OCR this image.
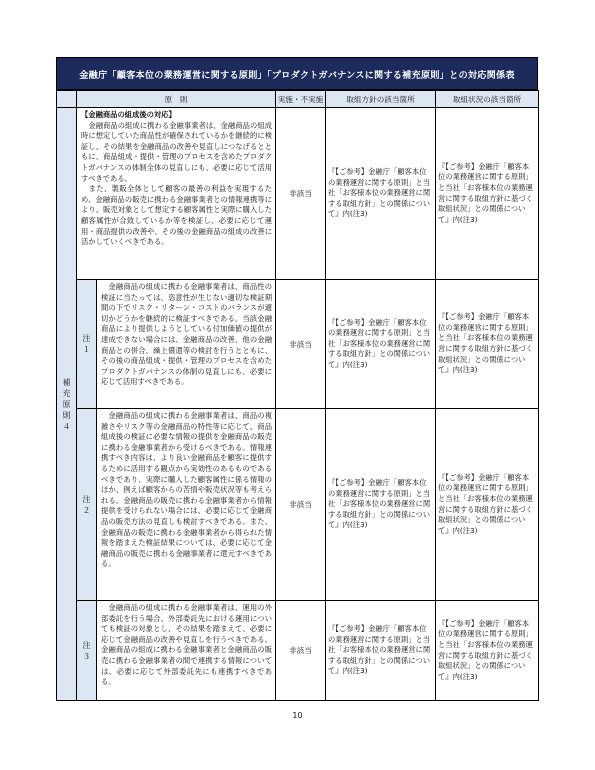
金融庁「顧客本位の業務運営に関する原則」「プロダクトガバナンスに関する補充原則」との対応関係表
	原　則		実施・不実施	取組方針の該当箇所	取組状況の該当箇所
補充原則４	【金融商品の組成後の対応】
　金融商品の組成に携わる金融事業者は、金融商品の組成時に想定していた商品性が確保されているかを継続的に検証し、その結果を金融商品の改善や見直しにつなげるとともに、商品組成・提供・管理のプロセスを含めたプロダクトガバナンスの体制全体の見直しにも、必要に応じて活用すべきである。
　また、製販全体として顧客の最善の利益を実現するため、金融商品の販売に携わる金融事業者との情報連携等により、販売対象として想定する顧客属性と実際に購入した顧客属性が合致しているか等を検証し、必要に応じて運用・商品提供の改善や、その後の金融商品の組成の改善に活かしていくべきである。		非該当	『【ご参考】金融庁「顧客本位の業務運営に関する原則」と当社「お客様本位の業務運営に関する取組方針」との関係について』内(注3)	『【ご参考】金融庁「顧客本位の業務運営に関する原則」と当社「お客様本位の業務運営に関する取組方針に基づく取組状況」との関係について』内(注3)
	注１	　金融商品の組成に携わる金融事業者は、商品性の検証に当たっては、恣意性が生じない適切な検証期間の下でリスク・リターン・コストのバランスが適切かどうかを継続的に検証すべきである。当該金融商品により提供しようとしている付加価値の提供が達成できない場合には、金融商品の改善、他の金融商品との併合、繰上償還等の検討を行うとともに、その後の商品組成・提供・管理のプロセスを含めたプロダクトガバナンスの体制の見直しにも、必要に応じて活用すべきである。	非該当	『【ご参考】金融庁「顧客本位の業務運営に関する原則」と当社「お客様本位の業務運営に関する取組方針」との関係について』内(注3)	『【ご参考】金融庁「顧客本位の業務運営に関する原則」と当社「お客様本位の業務運営に関する取組方針に基づく取組状況」との関係について』内(注3)
	注２	　金融商品の組成に携わる金融事業者は、商品の複雑さやリスク等の金融商品の特性等に応じて、商品組成後の検証に必要な情報の提供を金融商品の販売に携わる金融事業者から受けるべきである。情報連携すべき内容は、より良い金融商品を顧客に提供するために活用する観点から実効性のあるものであるべきであり、実際に購入した顧客属性に係る情報のほか、例えば顧客からの苦情や販売状況等も考えられる。金融商品の販売に携わる金融事業者から情報提供を受けられない場合には、必要に応じて金融商品の販売方法の見直しも検討すべきである。また、金融商品の販売に携わる金融事業者から得られた情報を踏まえた検証結果については、必要に応じて金融商品の販売に携わる金融事業者に還元すべきである。	非該当	『【ご参考】金融庁「顧客本位の業務運営に関する原則」と当社「お客様本位の業務運営に関する取組方針」との関係について』内(注3)	『【ご参考】金融庁「顧客本位の業務運営に関する原則」と当社「お客様本位の業務運営に関する取組方針に基づく取組状況」との関係について』内(注3)
	注３	　金融商品の組成に携わる金融事業者は、運用の外部委託を行う場合、外部委託先における運用についても検証の対象とし、その結果を踏まえて、必要に応じて金融商品の改善や見直しを行うべきである。金融商品の組成に携わる金融事業者と金融商品の販売に携わる金融事業者の間で連携する情報については、必要に応じて外部委託先にも連携すべきである。	非該当	『【ご参考】金融庁「顧客本位の業務運営に関する原則」と当社「お客様本位の業務運営に関する取組方針」との関係について』内(注3)	『【ご参考】金融庁「顧客本位の業務運営に関する原則」と当社「お客様本位の業務運営に関する取組方針に基づく取組状況」との関係について』内(注3)
10
